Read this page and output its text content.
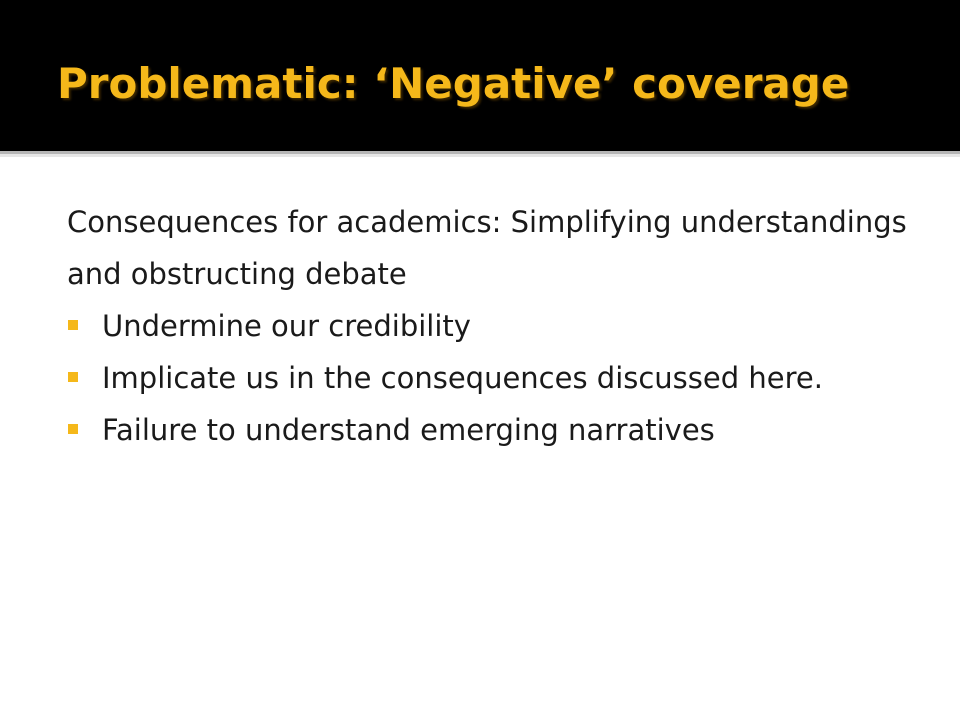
Problematic: ‘Negative’ coverage

Consequences for academics: Simplifying understandings and obstructing debate

Undermine our credibility
Implicate us in the consequences discussed here.
Failure to understand emerging narratives
